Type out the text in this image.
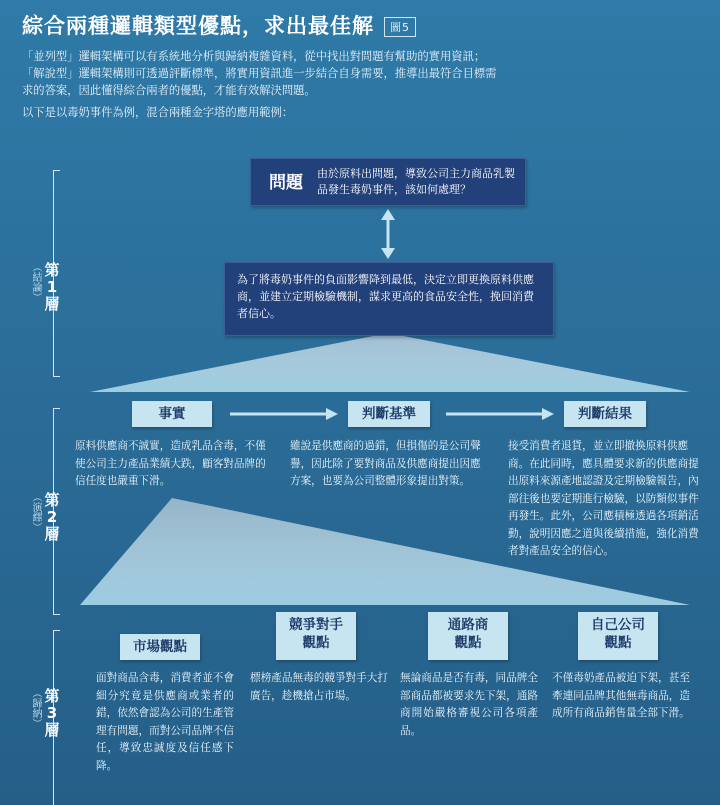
綜合兩種邏輯類型優點，求出最佳解 圖5

「並列型」邏輯架構可以有系統地分析與歸納複雜資料，從中找出對問題有幫助的實用資訊；

「解說型」邏輯架構則可透過評斷標準，將實用資訊進一步結合自身需要，推導出最符合目標需

求的答案，因此懂得綜合兩者的優點，才能有效解決問題。

以下是以毒奶事件為例，混合兩種金字塔的應用範例：
（結論） 第
1
層
（演繹） 第
2
層
（歸納） 第
3
層
問題 由於原料出問題，導致公司主力商品乳製品發生毒奶事件，該如何處理？
為了將毒奶事件的負面影響降到最低，決定立即更換原料供應商，並建立定期檢驗機制，謀求更高的食品安全性，挽回消費者信心。
事實	判斷基準	判斷結果
原料供應商不誠實，造成乳品含毒，不僅使公司主力產品業績大跌，顧客對品牌的信任度也嚴重下滑。
雖說是供應商的過錯，但損傷的是公司聲譽，因此除了要對商品及供應商提出因應方案，也要為公司整體形象提出對策。
接受消費者退貨，並立即撤換原料供應商。在此同時，應具體要求新的供應商提出原料來源產地認證及定期檢驗報告，內部往後也要定期進行檢驗，以防類似事件再發生。此外，公司應積極透過各項銷活動，說明因應之道與後續措施，強化消費者對產品安全的信心。
市場觀點
競爭對手
觀點
通路商
觀點
自己公司
觀點
面對商品含毒，消費者並不會細分究竟是供應商或業者的錯，依然會認為公司的生產管理有問題，而對公司品牌不信任，導致忠誠度及信任感下降。
標榜產品無毒的競爭對手大打廣告，趁機搶占市場。
無論商品是否有毒，同品牌全部商品都被要求先下架，通路商開始嚴格審視公司各項產品。
不僅毒奶產品被迫下架，甚至牽連同品牌其他無毒商品，造成所有商品銷售量全部下滑。
